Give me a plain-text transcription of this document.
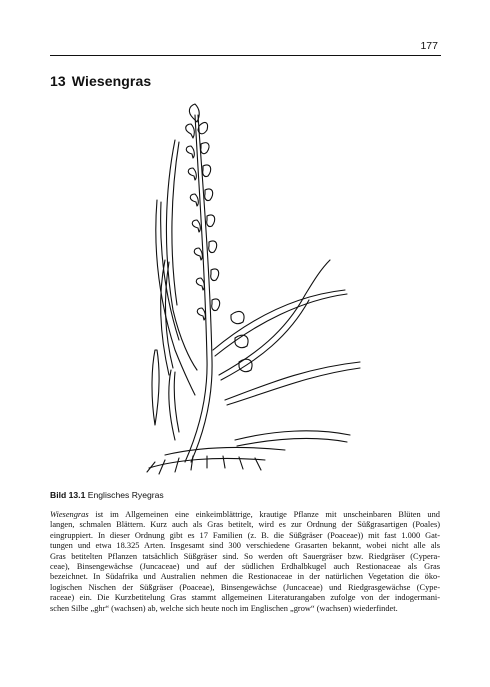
177
13 Wiesengras
Bild 13.1 Englisches Ryegras

Wiesengras ist im Allgemeinen eine einkeimblättrige, krautige Pflanze mit unscheinbaren Blüten und
langen, schmalen Blättern. Kurz auch als Gras betitelt, wird es zur Ordnung der Süßgrasartigen (Poales)
eingruppiert. In dieser Ordnung gibt es 17 Familien (z. B. die Süßgräser (Poaceae)) mit fast 1.000 Gat-
tungen und etwa 18.325 Arten. Insgesamt sind 300 verschiedene Grasarten bekannt, wobei nicht alle als
Gras betitelten Pflanzen tatsächlich Süßgräser sind. So werden oft Sauergräser bzw. Riedgräser (Cypera-
ceae), Binsengewächse (Juncaceae) und auf der südlichen Erdhalbkugel auch Restionaceae als Gras
bezeichnet. In Südafrika und Australien nehmen die Restionaceae in der natürlichen Vegetation die öko-
logischen Nischen der Süßgräser (Poaceae), Binsengewächse (Juncaceae) und Riedgrasgewächse (Cype-
raceae) ein. Die Kurzbetitelung Gras stammt allgemeinen Literaturangaben zufolge von der indogermani-
schen Silbe „ghr“ (wachsen) ab, welche sich heute noch im Englischen „grow“ (wachsen) wiederfindet.
